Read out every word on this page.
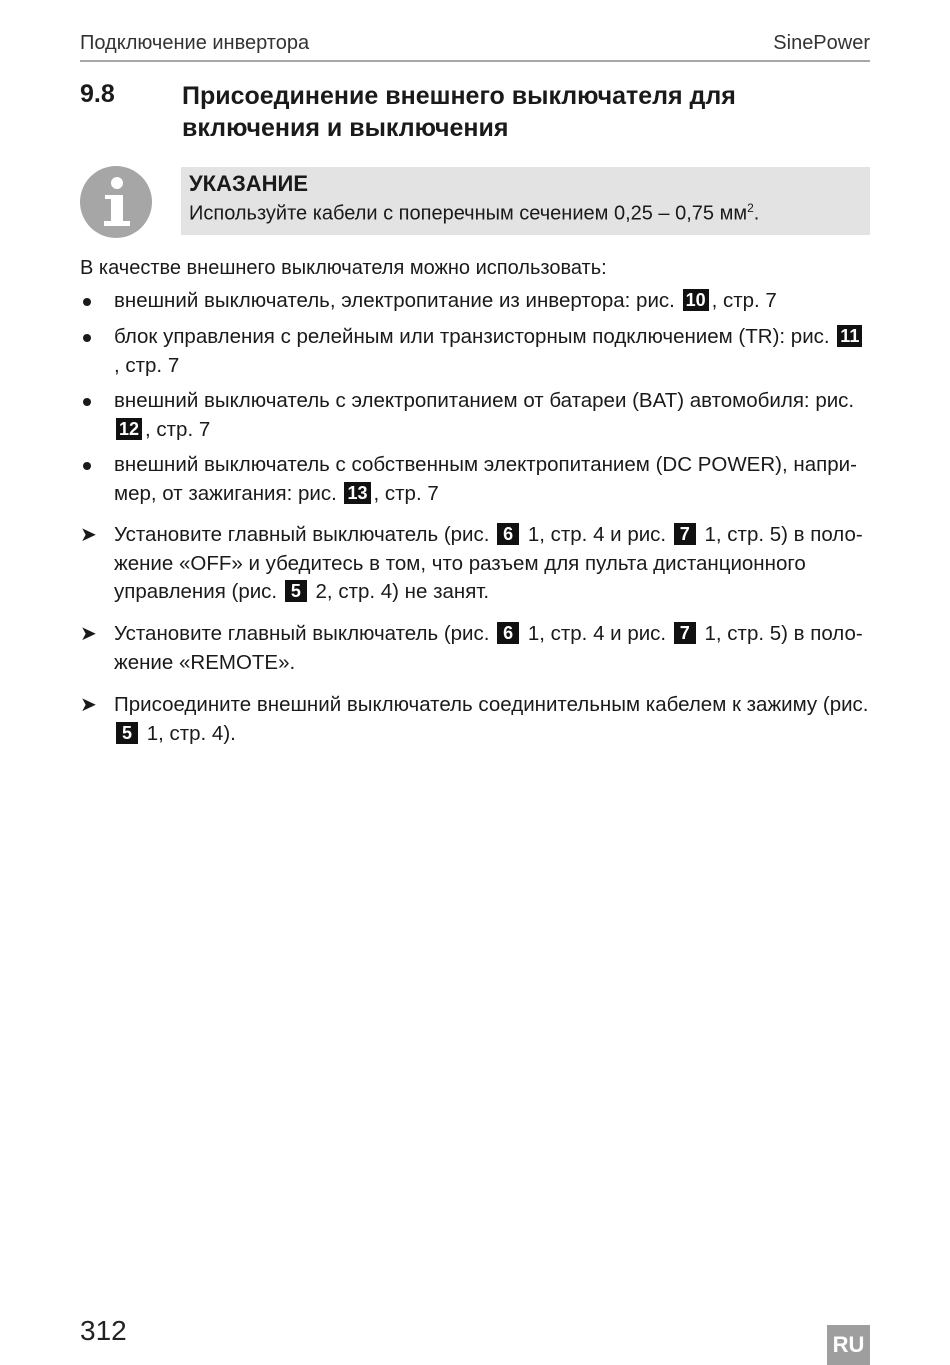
Подключение инвертора	SinePower
9.8	Присоединение внешнего выключателя для включения и выключения
УКАЗАНИЕ
Используйте кабели с поперечным сечением 0,25 – 0,75 $мм^2$.
В качестве внешнего выключателя можно использовать:
внешний выключатель, электропитание из инвертора: рис. 10 , стр. 7
блок управления с релейным или транзисторным подключением (TR): рис. 11, стр. 7
внешний выключатель с электропитанием от батареи (BAT) автомобиля: рис. 12 , стр. 7
внешний выключатель с собственным электропитанием (DC POWER), например, от зажигания: рис. 13 , стр. 7
➤ Установите главный выключатель (рис. 6 1, стр. 4 и рис. 7 1, стр. 5) в положение «OFF» и убедитесь в том, что разъем для пульта дистанционного управления (рис. 5 2, стр. 4) не занят.
➤ Установите главный выключатель (рис. 6 1, стр. 4 и рис. 7 1, стр. 5) в положение «REMOTE».
➤ Присоедините внешний выключатель соединительным кабелем к зажиму (рис. 5 1, стр. 4).
312	RU
